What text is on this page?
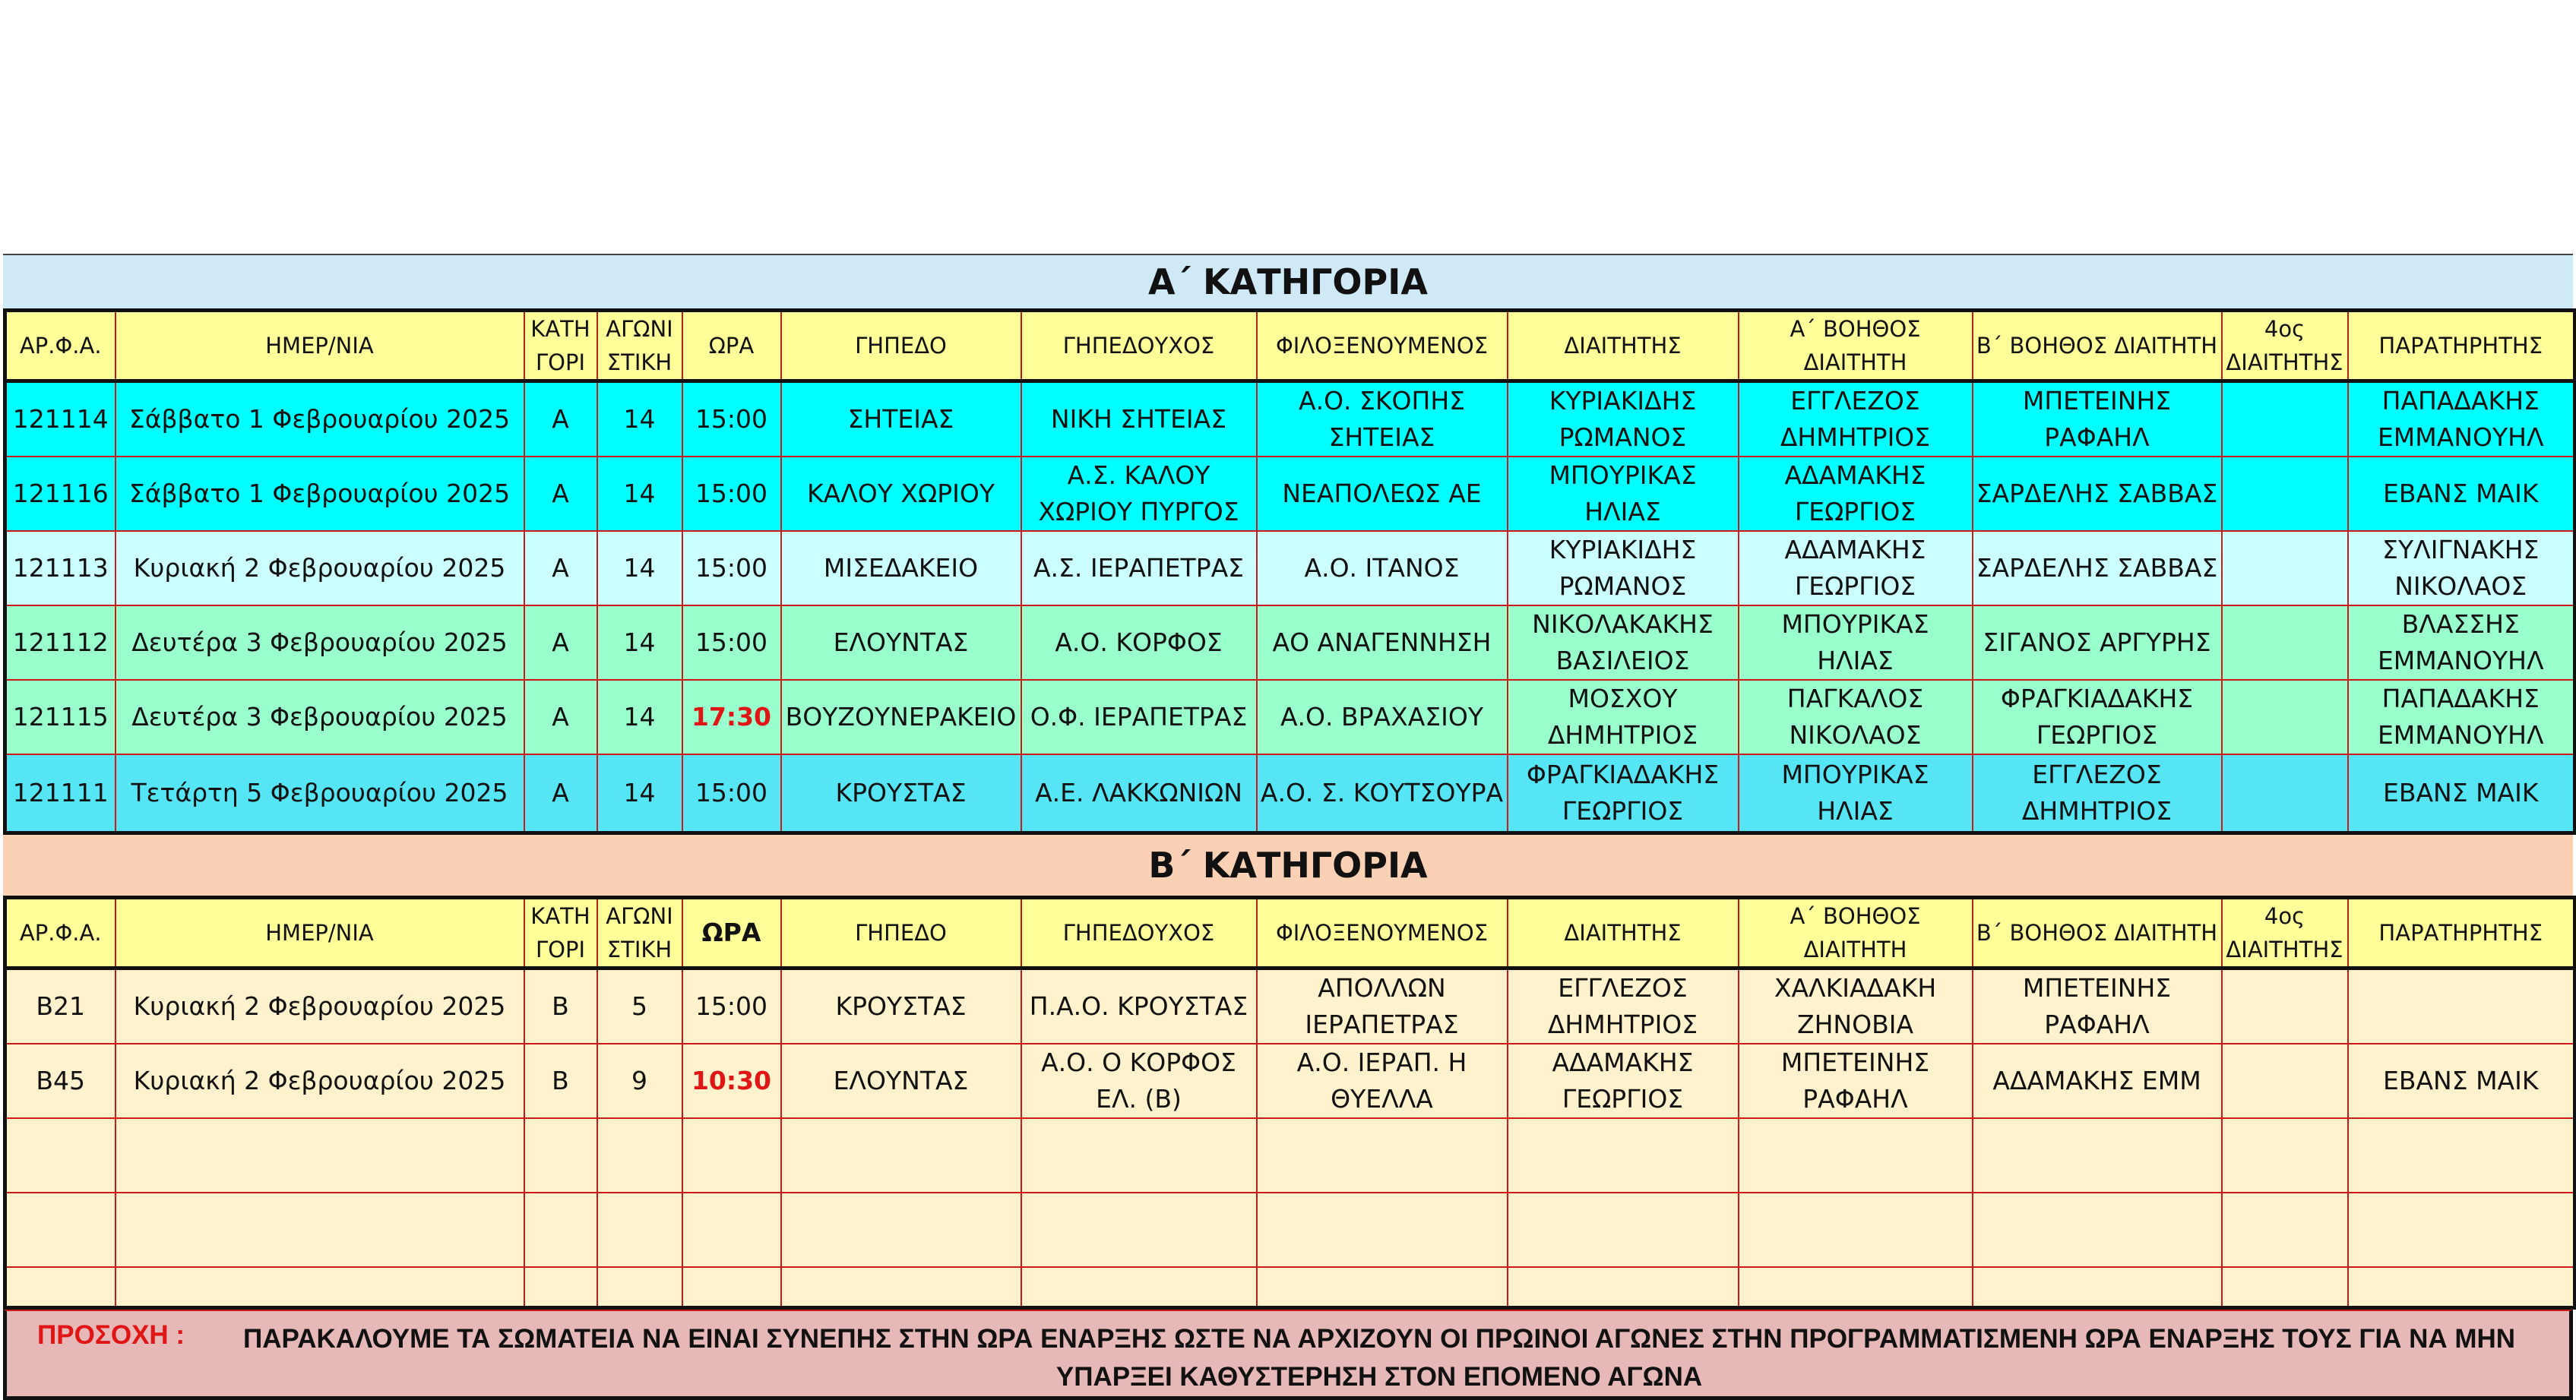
Α΄ ΚΑΤΗΓΟΡΙΑ
ΑΡ.Φ.Α.	ΗΜΕΡ/ΝΙΑ	ΚΑΤΗ ΓΟΡΙ	ΑΓΩΝΙ ΣΤΙΚΗ	ΩΡΑ	ΓΗΠΕΔΟ	ΓΗΠΕΔΟΥΧΟΣ	ΦΙΛΟΞΕΝΟΥΜΕΝΟΣ	ΔΙΑΙΤΗΤΗΣ	Α΄ ΒΟΗΘΟΣ ΔΙΑΙΤΗΤΗ	Β΄ ΒΟΗΘΟΣ ΔΙΑΙΤΗΤΗ	4ος ΔΙΑΙΤΗΤΗΣ	ΠΑΡΑΤΗΡΗΤΗΣ
121114	Σάββατο 1 Φεβρουαρίου 2025	Α	14	15:00	ΣΗΤΕΙΑΣ	ΝΙΚΗ ΣΗΤΕΙΑΣ	Α.Ο. ΣΚΟΠΗΣ ΣΗΤΕΙΑΣ	ΚΥΡΙΑΚΙΔΗΣ ΡΩΜΑΝΟΣ	ΕΓΓΛΕΖΟΣ ΔΗΜΗΤΡΙΟΣ	ΜΠΕΤΕΙΝΗΣ ΡΑΦΑΗΛ		ΠΑΠΑΔΑΚΗΣ ΕΜΜΑΝΟΥΗΛ
121116	Σάββατο 1 Φεβρουαρίου 2025	Α	14	15:00	ΚΑΛΟΥ ΧΩΡΙΟΥ	Α.Σ. ΚΑΛΟΥ ΧΩΡΙΟΥ ΠΥΡΓΟΣ	ΝΕΑΠΟΛΕΩΣ ΑΕ	ΜΠΟΥΡΙΚΑΣ ΗΛΙΑΣ	ΑΔΑΜΑΚΗΣ ΓΕΩΡΓΙΟΣ	ΣΑΡΔΕΛΗΣ ΣΑΒΒΑΣ		ΕΒΑΝΣ ΜΑΙΚ
121113	Κυριακή 2 Φεβρουαρίου 2025	Α	14	15:00	ΜΙΣΕΔΑΚΕΙΟ	Α.Σ. ΙΕΡΑΠΕΤΡΑΣ	Α.Ο. ΙΤΑΝΟΣ	ΚΥΡΙΑΚΙΔΗΣ ΡΩΜΑΝΟΣ	ΑΔΑΜΑΚΗΣ ΓΕΩΡΓΙΟΣ	ΣΑΡΔΕΛΗΣ ΣΑΒΒΑΣ		ΣΥΛΙΓΝΑΚΗΣ ΝΙΚΟΛΑΟΣ
121112	Δευτέρα 3 Φεβρουαρίου 2025	Α	14	15:00	ΕΛΟΥΝΤΑΣ	Α.Ο. ΚΟΡΦΟΣ	ΑΟ ΑΝΑΓΕΝΝΗΣΗ	ΝΙΚΟΛΑΚΑΚΗΣ ΒΑΣΙΛΕΙΟΣ	ΜΠΟΥΡΙΚΑΣ ΗΛΙΑΣ	ΣΙΓΑΝΟΣ ΑΡΓΥΡΗΣ		ΒΛΑΣΣΗΣ ΕΜΜΑΝΟΥΗΛ
121115	Δευτέρα 3 Φεβρουαρίου 2025	Α	14	17:30	ΒΟΥΖΟΥΝΕΡΑΚΕΙΟ	Ο.Φ. ΙΕΡΑΠΕΤΡΑΣ	Α.Ο. ΒΡΑΧΑΣΙΟΥ	ΜΟΣΧΟΥ ΔΗΜΗΤΡΙΟΣ	ΠΑΓΚΑΛΟΣ ΝΙΚΟΛΑΟΣ	ΦΡΑΓΚΙΑΔΑΚΗΣ ΓΕΩΡΓΙΟΣ		ΠΑΠΑΔΑΚΗΣ ΕΜΜΑΝΟΥΗΛ
121111	Τετάρτη 5 Φεβρουαρίου 2025	Α	14	15:00	ΚΡΟΥΣΤΑΣ	Α.Ε. ΛΑΚΚΩΝΙΩΝ	Α.Ο. Σ. ΚΟΥΤΣΟΥΡΑ	ΦΡΑΓΚΙΑΔΑΚΗΣ ΓΕΩΡΓΙΟΣ	ΜΠΟΥΡΙΚΑΣ ΗΛΙΑΣ	ΕΓΓΛΕΖΟΣ ΔΗΜΗΤΡΙΟΣ		ΕΒΑΝΣ ΜΑΙΚ
Β΄ ΚΑΤΗΓΟΡΙΑ
ΑΡ.Φ.Α.	ΗΜΕΡ/ΝΙΑ	ΚΑΤΗ ΓΟΡΙ	ΑΓΩΝΙ ΣΤΙΚΗ	ΩΡΑ	ΓΗΠΕΔΟ	ΓΗΠΕΔΟΥΧΟΣ	ΦΙΛΟΞΕΝΟΥΜΕΝΟΣ	ΔΙΑΙΤΗΤΗΣ	Α΄ ΒΟΗΘΟΣ ΔΙΑΙΤΗΤΗ	Β΄ ΒΟΗΘΟΣ ΔΙΑΙΤΗΤΗ	4ος ΔΙΑΙΤΗΤΗΣ	ΠΑΡΑΤΗΡΗΤΗΣ
B21	Κυριακή 2 Φεβρουαρίου 2025	Β	5	15:00	ΚΡΟΥΣΤΑΣ	Π.Α.Ο. ΚΡΟΥΣΤΑΣ	ΑΠΟΛΛΩΝ ΙΕΡΑΠΕΤΡΑΣ	ΕΓΓΛΕΖΟΣ ΔΗΜΗΤΡΙΟΣ	ΧΑΛΚΙΑΔΑΚΗ ΖΗΝΟΒΙΑ	ΜΠΕΤΕΙΝΗΣ ΡΑΦΑΗΛ		
B45	Κυριακή 2 Φεβρουαρίου 2025	Β	9	10:30	ΕΛΟΥΝΤΑΣ	Α.Ο. Ο ΚΟΡΦΟΣ ΕΛ. (Β)	Α.Ο. ΙΕΡΑΠ. Η ΘΥΕΛΛΑ	ΑΔΑΜΑΚΗΣ ΓΕΩΡΓΙΟΣ	ΜΠΕΤΕΙΝΗΣ ΡΑΦΑΗΛ	ΑΔΑΜΑΚΗΣ ΕΜΜ		ΕΒΑΝΣ ΜΑΙΚ

ΠΡΟΣΟΧΗ :	ΠΑΡΑΚΑΛΟΥΜΕ ΤΑ ΣΩΜΑΤΕΙΑ ΝΑ ΕΙΝΑΙ ΣΥΝΕΠΗΣ ΣΤΗΝ ΩΡΑ ΕΝΑΡΞΗΣ ΩΣΤΕ ΝΑ ΑΡΧΙΖΟΥΝ ΟΙ ΠΡΩΙΝΟΙ ΑΓΩΝΕΣ ΣΤΗΝ ΠΡΟΓΡΑΜΜΑΤΙΣΜΕΝΗ ΩΡΑ ΕΝΑΡΞΗΣ ΤΟΥΣ ΓΙΑ ΝΑ ΜΗΝ ΥΠΑΡΞΕΙ ΚΑΘΥΣΤΕΡΗΣΗ ΣΤΟΝ ΕΠΟΜΕΝΟ ΑΓΩΝΑ
